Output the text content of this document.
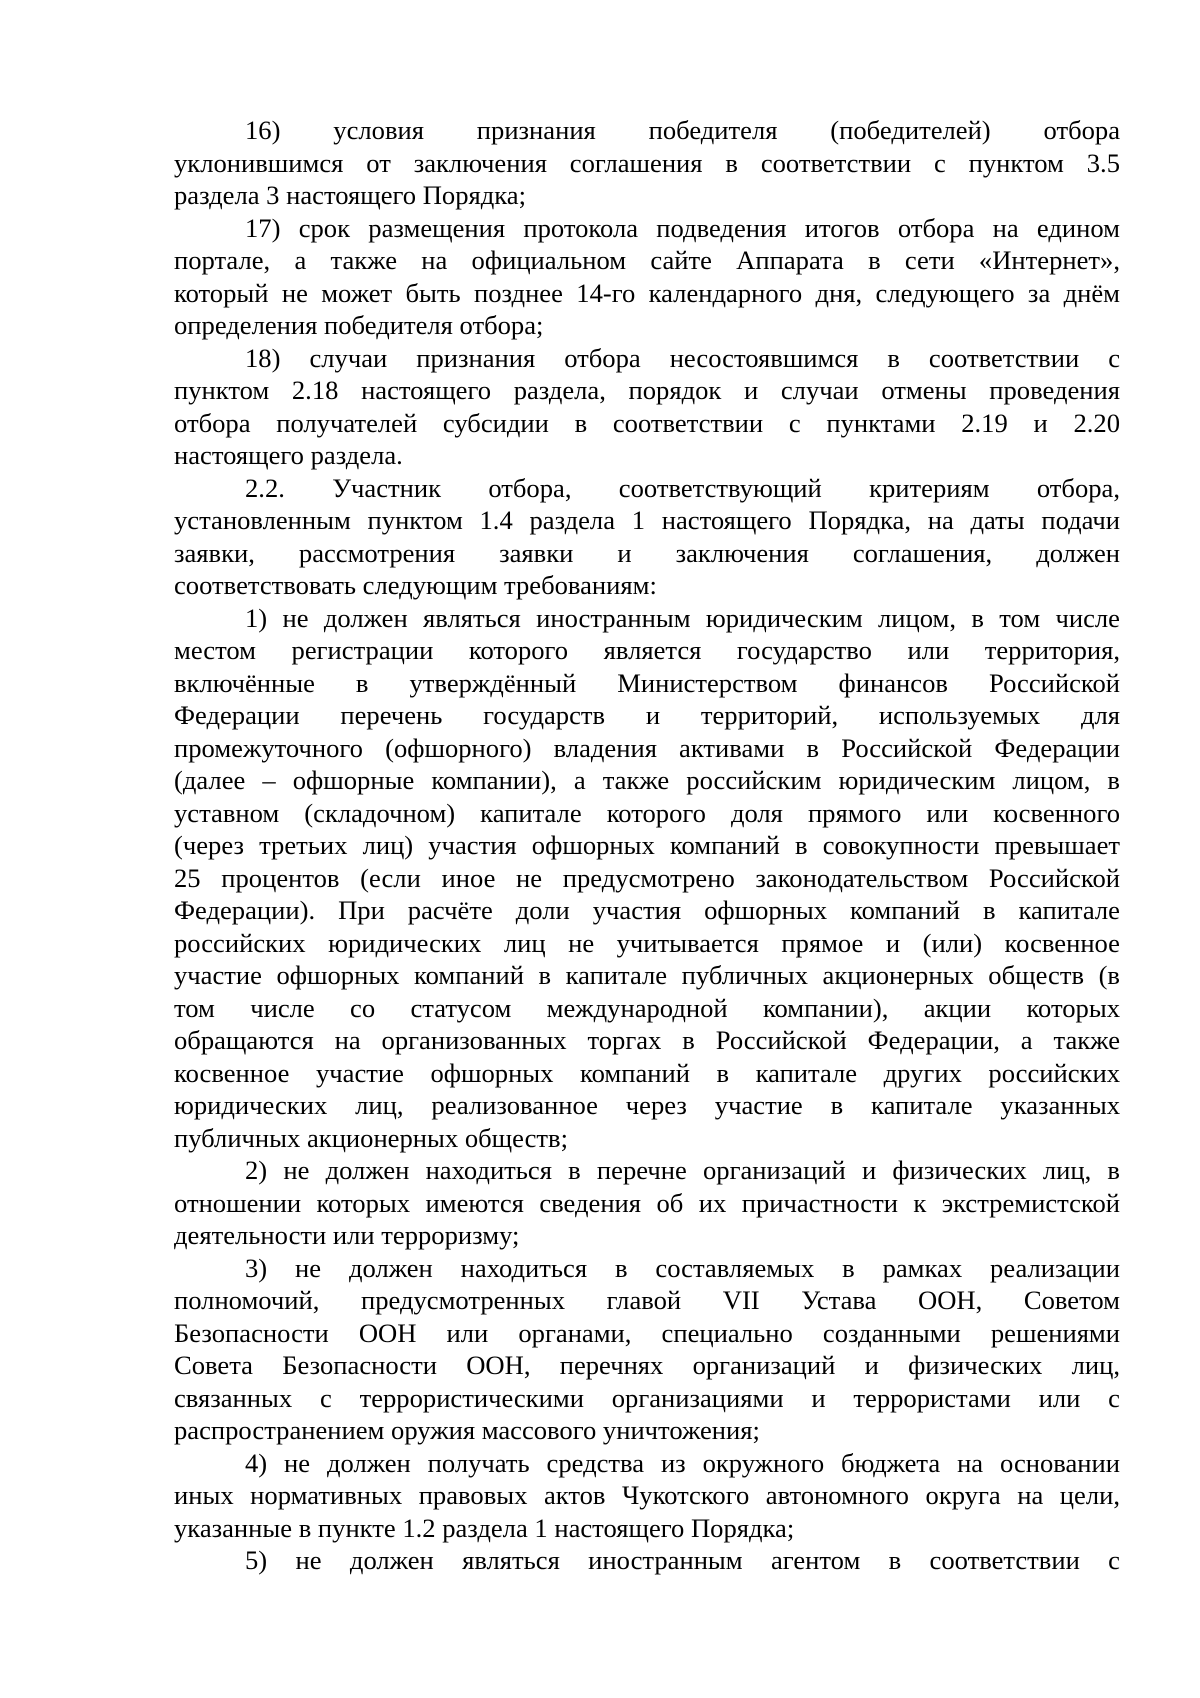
16)      условия      признания      победителя      (победителей)      отбора
уклонившимся от заключения соглашения в соответствии с пунктом 3.5
раздела 3 настоящего Порядка;
17) срок размещения протокола подведения итогов отбора на едином
портале, а также на официальном сайте Аппарата в сети «Интернет»,
который не может быть позднее 14-го календарного дня, следующего за днём
определения победителя отбора;
18) случаи признания отбора несостоявшимся в соответствии с
пунктом 2.18 настоящего раздела, порядок и случаи отмены проведения
отбора получателей субсидии в соответствии с пунктами 2.19 и 2.20
настоящего раздела.
2.2.     Участник     отбора,     соответствующий     критериям     отбора,
установленным пунктом 1.4 раздела 1 настоящего Порядка, на даты подачи
заявки,    рассмотрения    заявки    и    заключения    соглашения,    должен
соответствовать следующим требованиям:
1) не должен являться иностранным юридическим лицом, в том числе
местом регистрации которого является государство или территория,
включённые в утверждённый Министерством финансов Российской
Федерации    перечень    государств    и    территорий,    используемых    для
промежуточного (офшорного) владения активами в Российской Федерации
(далее – офшорные компании), а также российским юридическим лицом, в
уставном (складочном) капитале которого доля прямого или косвенного
(через третьих лиц) участия офшорных компаний в совокупности превышает
25 процентов (если иное не предусмотрено законодательством Российской
Федерации). При расчёте доли участия офшорных компаний в капитале
российских юридических лиц не учитывается прямое и (или) косвенное
участие офшорных компаний в капитале публичных акционерных обществ (в
том    числе    со    статусом    международной    компании),    акции    которых
обращаются на организованных торгах в Российской Федерации, а также
косвенное участие офшорных компаний в капитале других российских
юридических лиц, реализованное через участие в капитале указанных
публичных акционерных обществ;
2) не должен находиться в перечне организаций и физических лиц, в
отношении которых имеются сведения об их причастности к экстремистской
деятельности или терроризму;
3) не должен находиться в составляемых в рамках реализации
полномочий,    предусмотренных    главой    VII    Устава    ООН,    Советом
Безопасности ООН или органами, специально созданными решениями
Совета Безопасности ООН, перечнях организаций и физических лиц,
связанных с террористическими организациями и террористами или с
распространением оружия массового уничтожения;
4) не должен получать средства из окружного бюджета на основании
иных нормативных правовых актов Чукотского автономного округа на цели,
указанные в пункте 1.2 раздела 1 настоящего Порядка;
5)   не   должен   являться   иностранным   агентом   в   соответствии   с
